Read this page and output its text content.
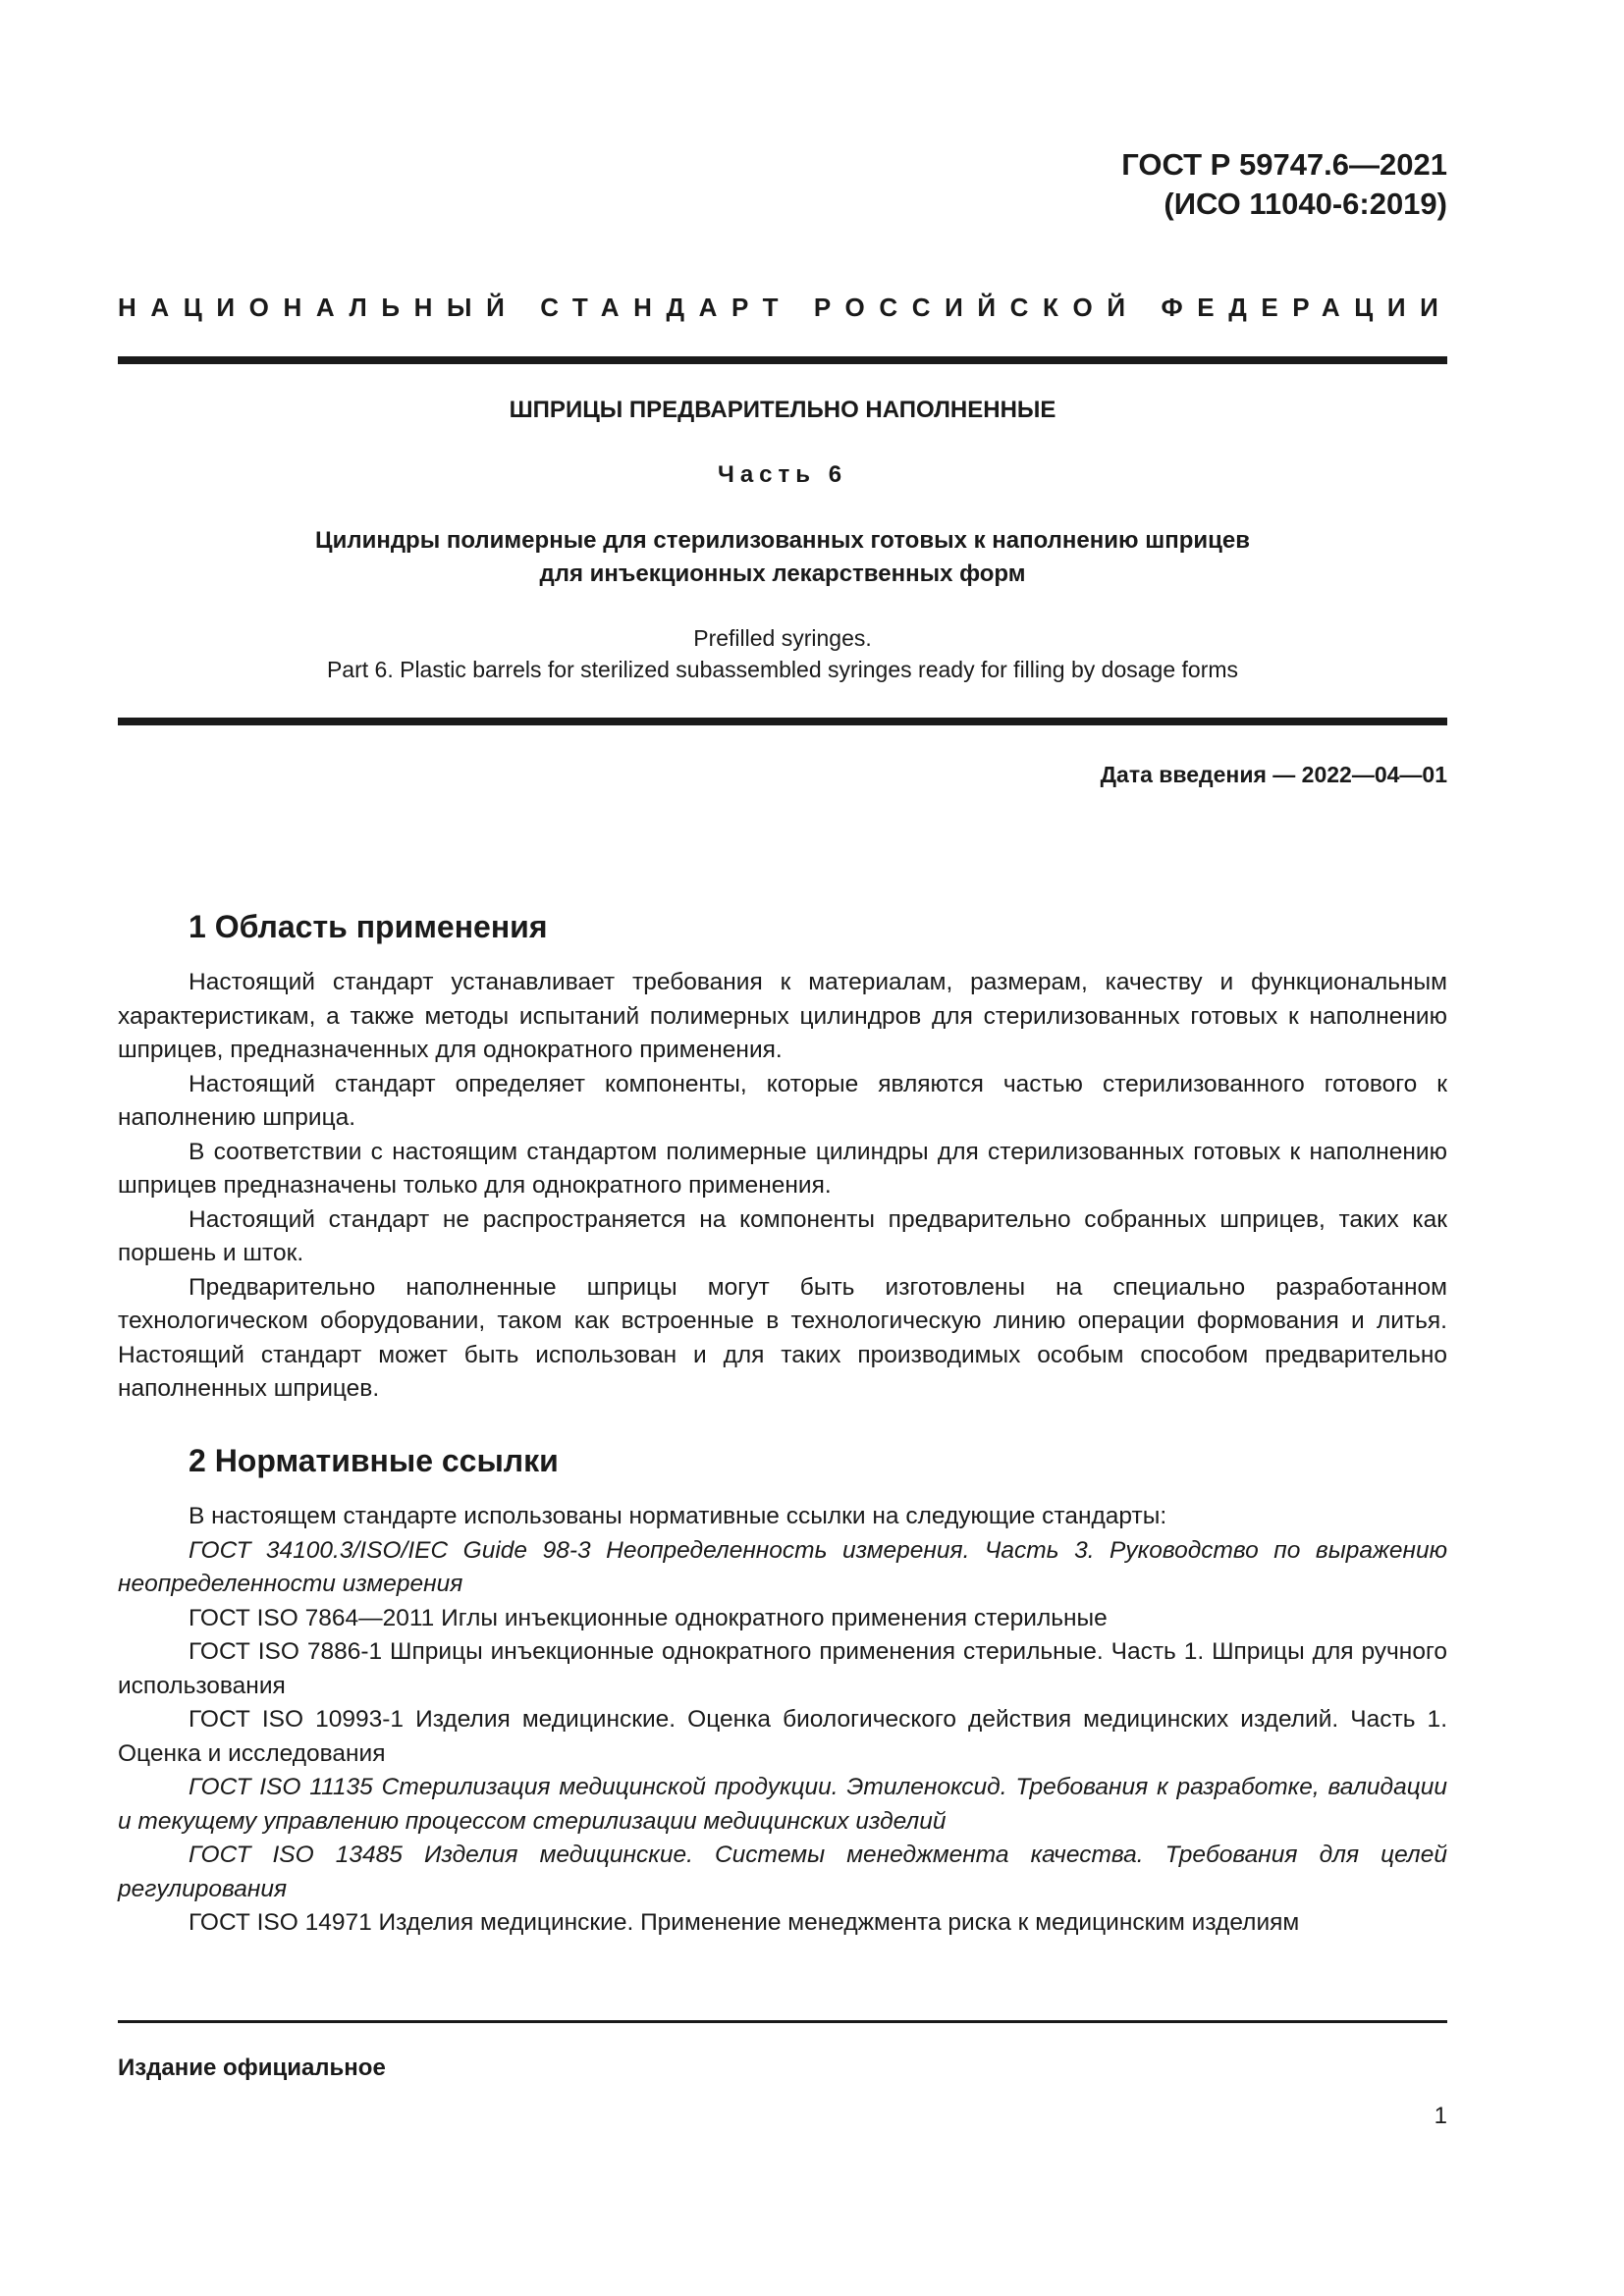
ГОСТ Р 59747.6—2021
(ИСО 11040-6:2019)
НАЦИОНАЛЬНЫЙ СТАНДАРТ РОССИЙСКОЙ ФЕДЕРАЦИИ
ШПРИЦЫ ПРЕДВАРИТЕЛЬНО НАПОЛНЕННЫЕ
Часть 6
Цилиндры полимерные для стерилизованных готовых к наполнению шприцев
для инъекционных лекарственных форм
Prefilled syringes.
Part 6. Plastic barrels for sterilized subassembled syringes ready for filling by dosage forms
Дата введения — 2022—04—01
1 Область применения

Настоящий стандарт устанавливает требования к материалам, размерам, качеству и функциональным характеристикам, а также методы испытаний полимерных цилиндров для стерилизованных готовых к наполнению шприцев, предназначенных для однократного применения.

Настоящий стандарт определяет компоненты, которые являются частью стерилизованного готового к наполнению шприца.

В соответствии с настоящим стандартом полимерные цилиндры для стерилизованных готовых к наполнению шприцев предназначены только для однократного применения.

Настоящий стандарт не распространяется на компоненты предварительно собранных шприцев, таких как поршень и шток.

Предварительно наполненные шприцы могут быть изготовлены на специально разработанном технологическом оборудовании, таком как встроенные в технологическую линию операции формования и литья. Настоящий стандарт может быть использован и для таких производимых особым способом предварительно наполненных шприцев.

2 Нормативные ссылки

В настоящем стандарте использованы нормативные ссылки на следующие стандарты:

ГОСТ 34100.3/ISO/IEC Guide 98-3 Неопределенность измерения. Часть 3. Руководство по выражению неопределенности измерения

ГОСТ ISO 7864—2011 Иглы инъекционные однократного применения стерильные

ГОСТ ISO 7886-1 Шприцы инъекционные однократного применения стерильные. Часть 1. Шприцы для ручного использования

ГОСТ ISO 10993-1 Изделия медицинские. Оценка биологического действия медицинских изделий. Часть 1. Оценка и исследования

ГОСТ ISO 11135 Стерилизация медицинской продукции. Этиленоксид. Требования к разработке, валидации и текущему управлению процессом стерилизации медицинских изделий

ГОСТ ISO 13485 Изделия медицинские. Системы менеджмента качества. Требования для целей регулирования

ГОСТ ISO 14971 Изделия медицинские. Применение менеджмента риска к медицинским изделиям

Издание официальное
1
